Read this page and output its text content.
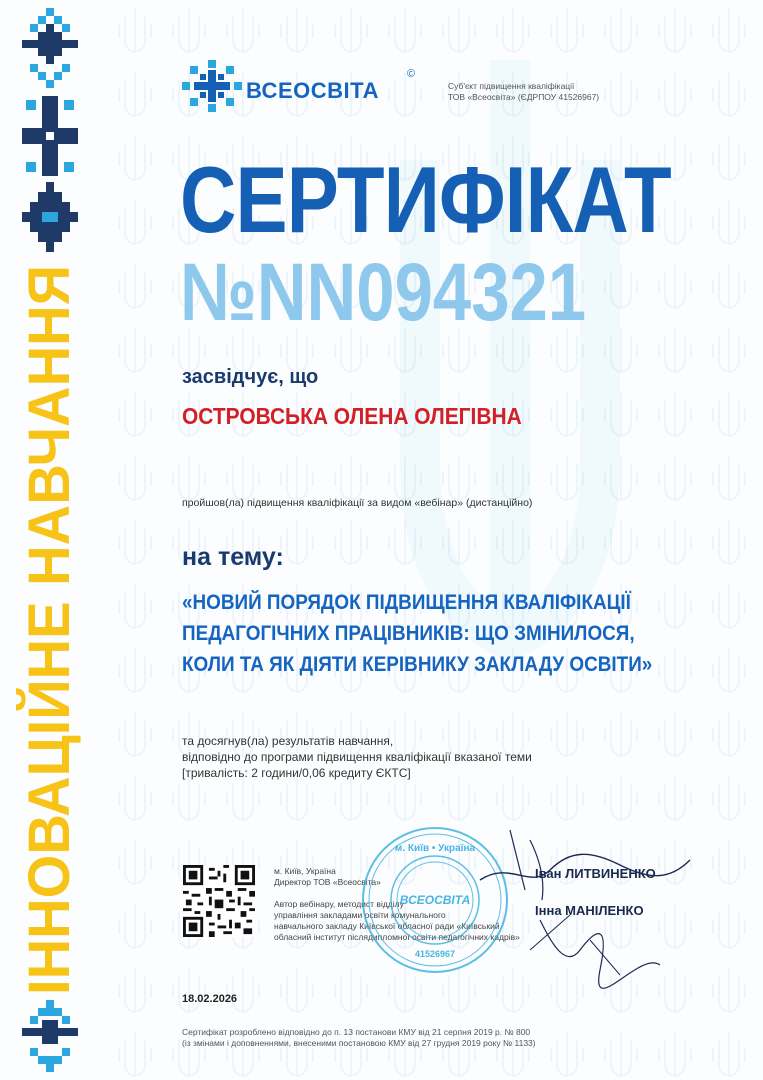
ІННОВАЦІЙНЕ НАВЧАННЯ
ВСЕОСВІТА
©
Суб'єкт підвищення кваліфікації
ТОВ «Всеосвіта» (ЄДРПОУ 41526967)
СЕРТИФІКАТ
№NN094321
засвідчує, що
ОСТРОВСЬКА ОЛЕНА ОЛЕГІВНА
пройшов(ла) підвищення кваліфікації за видом «вебінар» (дистанційно)
на тему:
«НОВИЙ ПОРЯДОК ПІДВИЩЕННЯ КВАЛІФІКАЦІЇ
ПЕДАГОГІЧНИХ ПРАЦІВНИКІВ: ЩО ЗМІНИЛОСЯ,
КОЛИ ТА ЯК ДІЯТИ КЕРІВНИКУ ЗАКЛАДУ ОСВІТИ»
та досягнув(ла) результатів навчання,
відповідно до програми підвищення кваліфікації вказаної теми
[тривалість: 2 години/0,06 кредиту ЄКТС]
м. Київ, Україна
Директор ТОВ «Всеосвіта»
Автор вебінару, методист відділу
управління закладами освіти комунального
навчального закладу Київської обласної ради «Київський
обласний інститут післядипломної освіти педагогічних кадрів»
м. Київ • Україна
ВСЕОСВІТА
41526967
Іван ЛИТВИНЕНКО
Інна МАНІЛЕНКО
18.02.2026
Сертифікат розроблено відповідно до п. 13 постанови КМУ від 21 серпня 2019 р. № 800
(із змінами і доповненнями, внесеними постановою КМУ від 27 грудня 2019 року № 1133)
